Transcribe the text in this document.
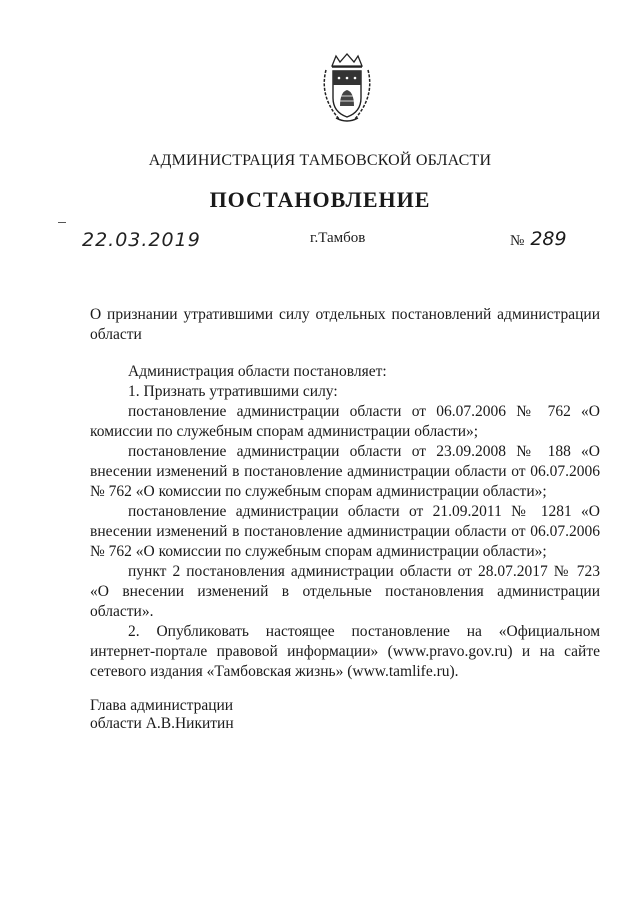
АДМИНИСТРАЦИЯ ТАМБОВСКОЙ ОБЛАСТИ
ПОСТАНОВЛЕНИЕ
22.03.2019	г.Тамбов	№ 289
О признании утратившими силу отдельных постановлений администрации области

Администрация области постановляет:

1. Признать утратившими силу:

постановление администрации области от 06.07.2006 № 762 «О комиссии по служебным спорам администрации области»;

постановление администрации области от 23.09.2008 № 188 «О внесении изменений в постановление администрации области от 06.07.2006 № 762 «О комиссии по служебным спорам администрации области»;

постановление администрации области от 21.09.2011 № 1281 «О внесении изменений в постановление администрации области от 06.07.2006 № 762 «О комиссии по служебным спорам администрации области»;

пункт 2 постановления администрации области от 28.07.2017 № 723 «О внесении изменений в отдельные постановления администрации области».

2. Опубликовать настоящее постановление на «Официальном интернет-портале правовой информации» (www.pravo.gov.ru) и на сайте сетевого издания «Тамбовская жизнь» (www.tamlife.ru).

Глава администрации
области А.В.Никитин
